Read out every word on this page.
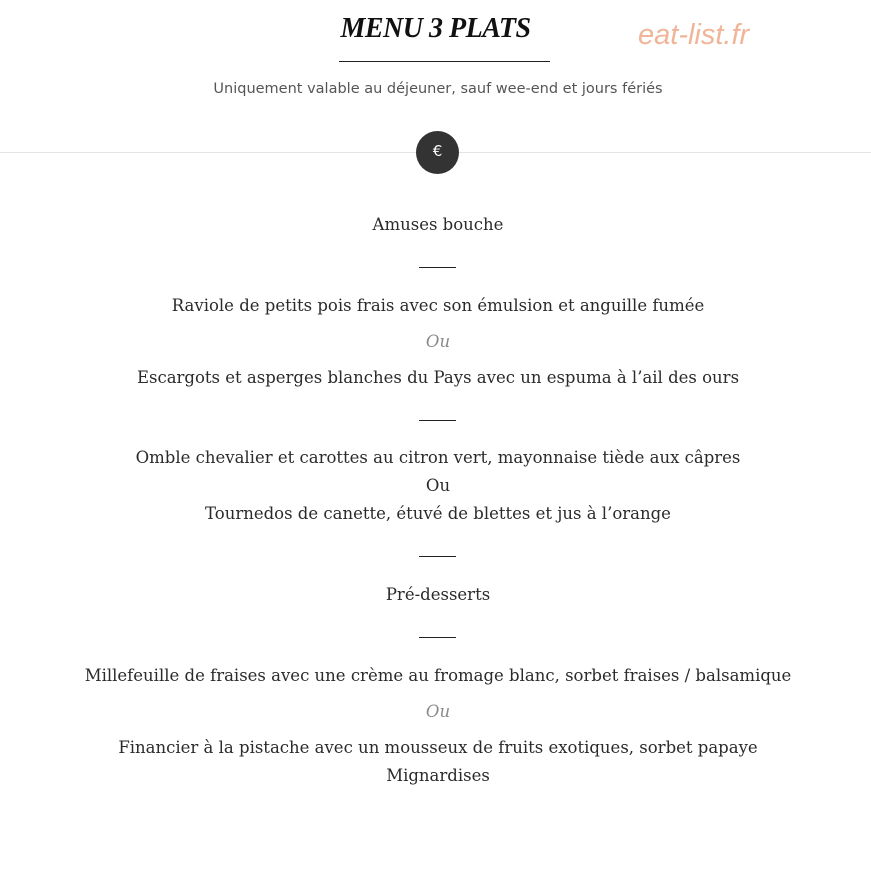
MENU 3 PLATS	eat-list.fr
Uniquement valable au déjeuner, sauf wee-end et jours fériés
€
Amuses bouche
Raviole de petits pois frais avec son émulsion et anguille fumée
Ou
Escargots et asperges blanches du Pays avec un espuma à l’ail des ours
Omble chevalier et carottes au citron vert, mayonnaise tiède aux câpres
Ou
Tournedos de canette, étuvé de blettes et jus à l’orange
Pré-desserts
Millefeuille de fraises avec une crème au fromage blanc, sorbet fraises / balsamique
Ou
Financier à la pistache avec un mousseux de fruits exotiques, sorbet papaye
Mignardises
